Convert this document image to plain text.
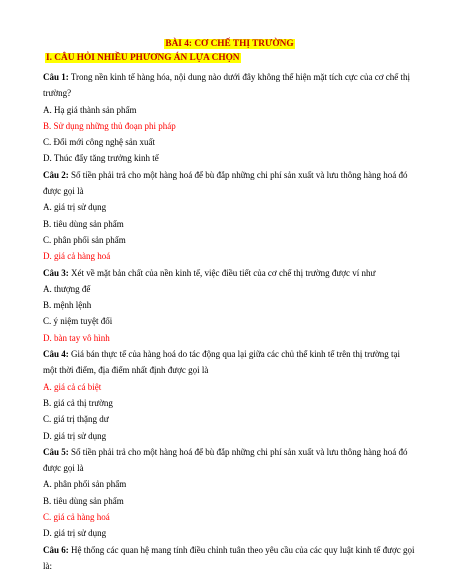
BÀI 4: CƠ CHẾ THỊ TRƯỜNG
I. CÂU HỎI NHIỀU PHƯƠNG ÁN LỰA CHỌN
Câu 1: Trong nền kinh tế hàng hóa, nội dung nào dưới đây không thể hiện mặt tích cực của cơ chế thị trường?
A. Hạ giá thành sản phẩm
B. Sử dụng những thủ đoạn phi pháp
C. Đổi mới công nghệ sản xuất
D. Thúc đẩy tăng trưởng kinh tế
Câu 2: Số tiền phải trả cho một hàng hoá để bù đắp những chi phí sản xuất và lưu thông hàng hoá đó được gọi là
A. giá trị sử dụng
B. tiêu dùng sản phẩm
C. phân phối sản phẩm
D. giá cả hàng hoá
Câu 3: Xét về mặt bản chất của nền kinh tế, việc điều tiết của cơ chế thị trường được ví như
A. thượng đế
B. mệnh lệnh
C. ý niệm tuyệt đối
D. bàn tay vô hình
Câu 4: Giá bán thực tế của hàng hoá do tác động qua lại giữa các chủ thể kinh tế trên thị trường tại một thời điểm, địa điểm nhất định được gọi là
A. giá cả cá biệt
B. giá cả thị trường
C. giá trị thặng dư
D. giá trị sử dụng
Câu 5: Số tiền phải trả cho một hàng hoá để bù đắp những chi phí sản xuất và lưu thông hàng hoá đó được gọi là
A. phân phối sản phẩm
B. tiêu dùng sản phẩm
C. giá cả hàng hoá
D. giá trị sử dụng
Câu 6: Hệ thống các quan hệ mang tính điều chỉnh tuân theo yêu cầu của các quy luật kinh tế được gọi là:
